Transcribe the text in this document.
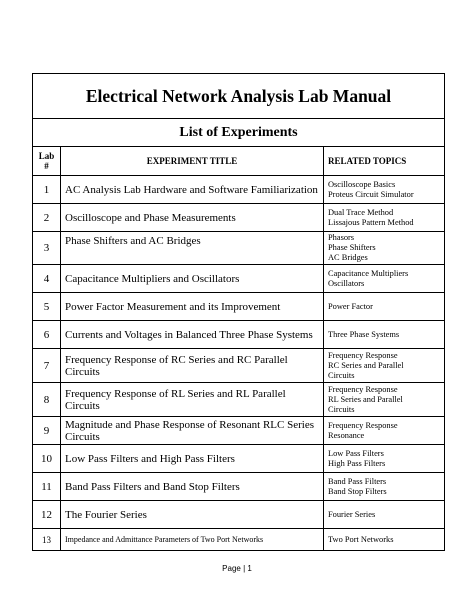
Electrical Network Analysis Lab Manual		
List of Experiments		
Lab #	EXPERIMENT TITLE	RELATED TOPICS
1	AC Analysis Lab Hardware and Software Familiarization	Oscilloscope Basics
Proteus Circuit Simulator

2	Oscilloscope and Phase Measurements	Dual Trace Method
Lissajous Pattern Method

3	Phase Shifters and AC Bridges	Phasors
Phase Shifters
AC Bridges

4	Capacitance Multipliers and Oscillators	Capacitance Multipliers
Oscillators

5	Power Factor Measurement and its Improvement	Power Factor

6	Currents and Voltages in Balanced Three Phase Systems	Three Phase Systems

7	Frequency Response of RC Series and RC Parallel Circuits	Frequency Response
RC Series and Parallel
Circuits

8	Frequency Response of RL Series and RL Parallel Circuits	Frequency Response
RL Series and Parallel
Circuits

9	Magnitude and Phase Response of Resonant RLC Series Circuits	Frequency Response
Resonance

10	Low Pass Filters and High Pass Filters	Low Pass Filters
High Pass Filters

11	Band Pass Filters and Band Stop Filters	Band Pass Filters
Band Stop Filters

12	The Fourier Series	Fourier Series

13	Impedance and Admittance Parameters of Two Port Networks	Two Port Networks
Page | 1
